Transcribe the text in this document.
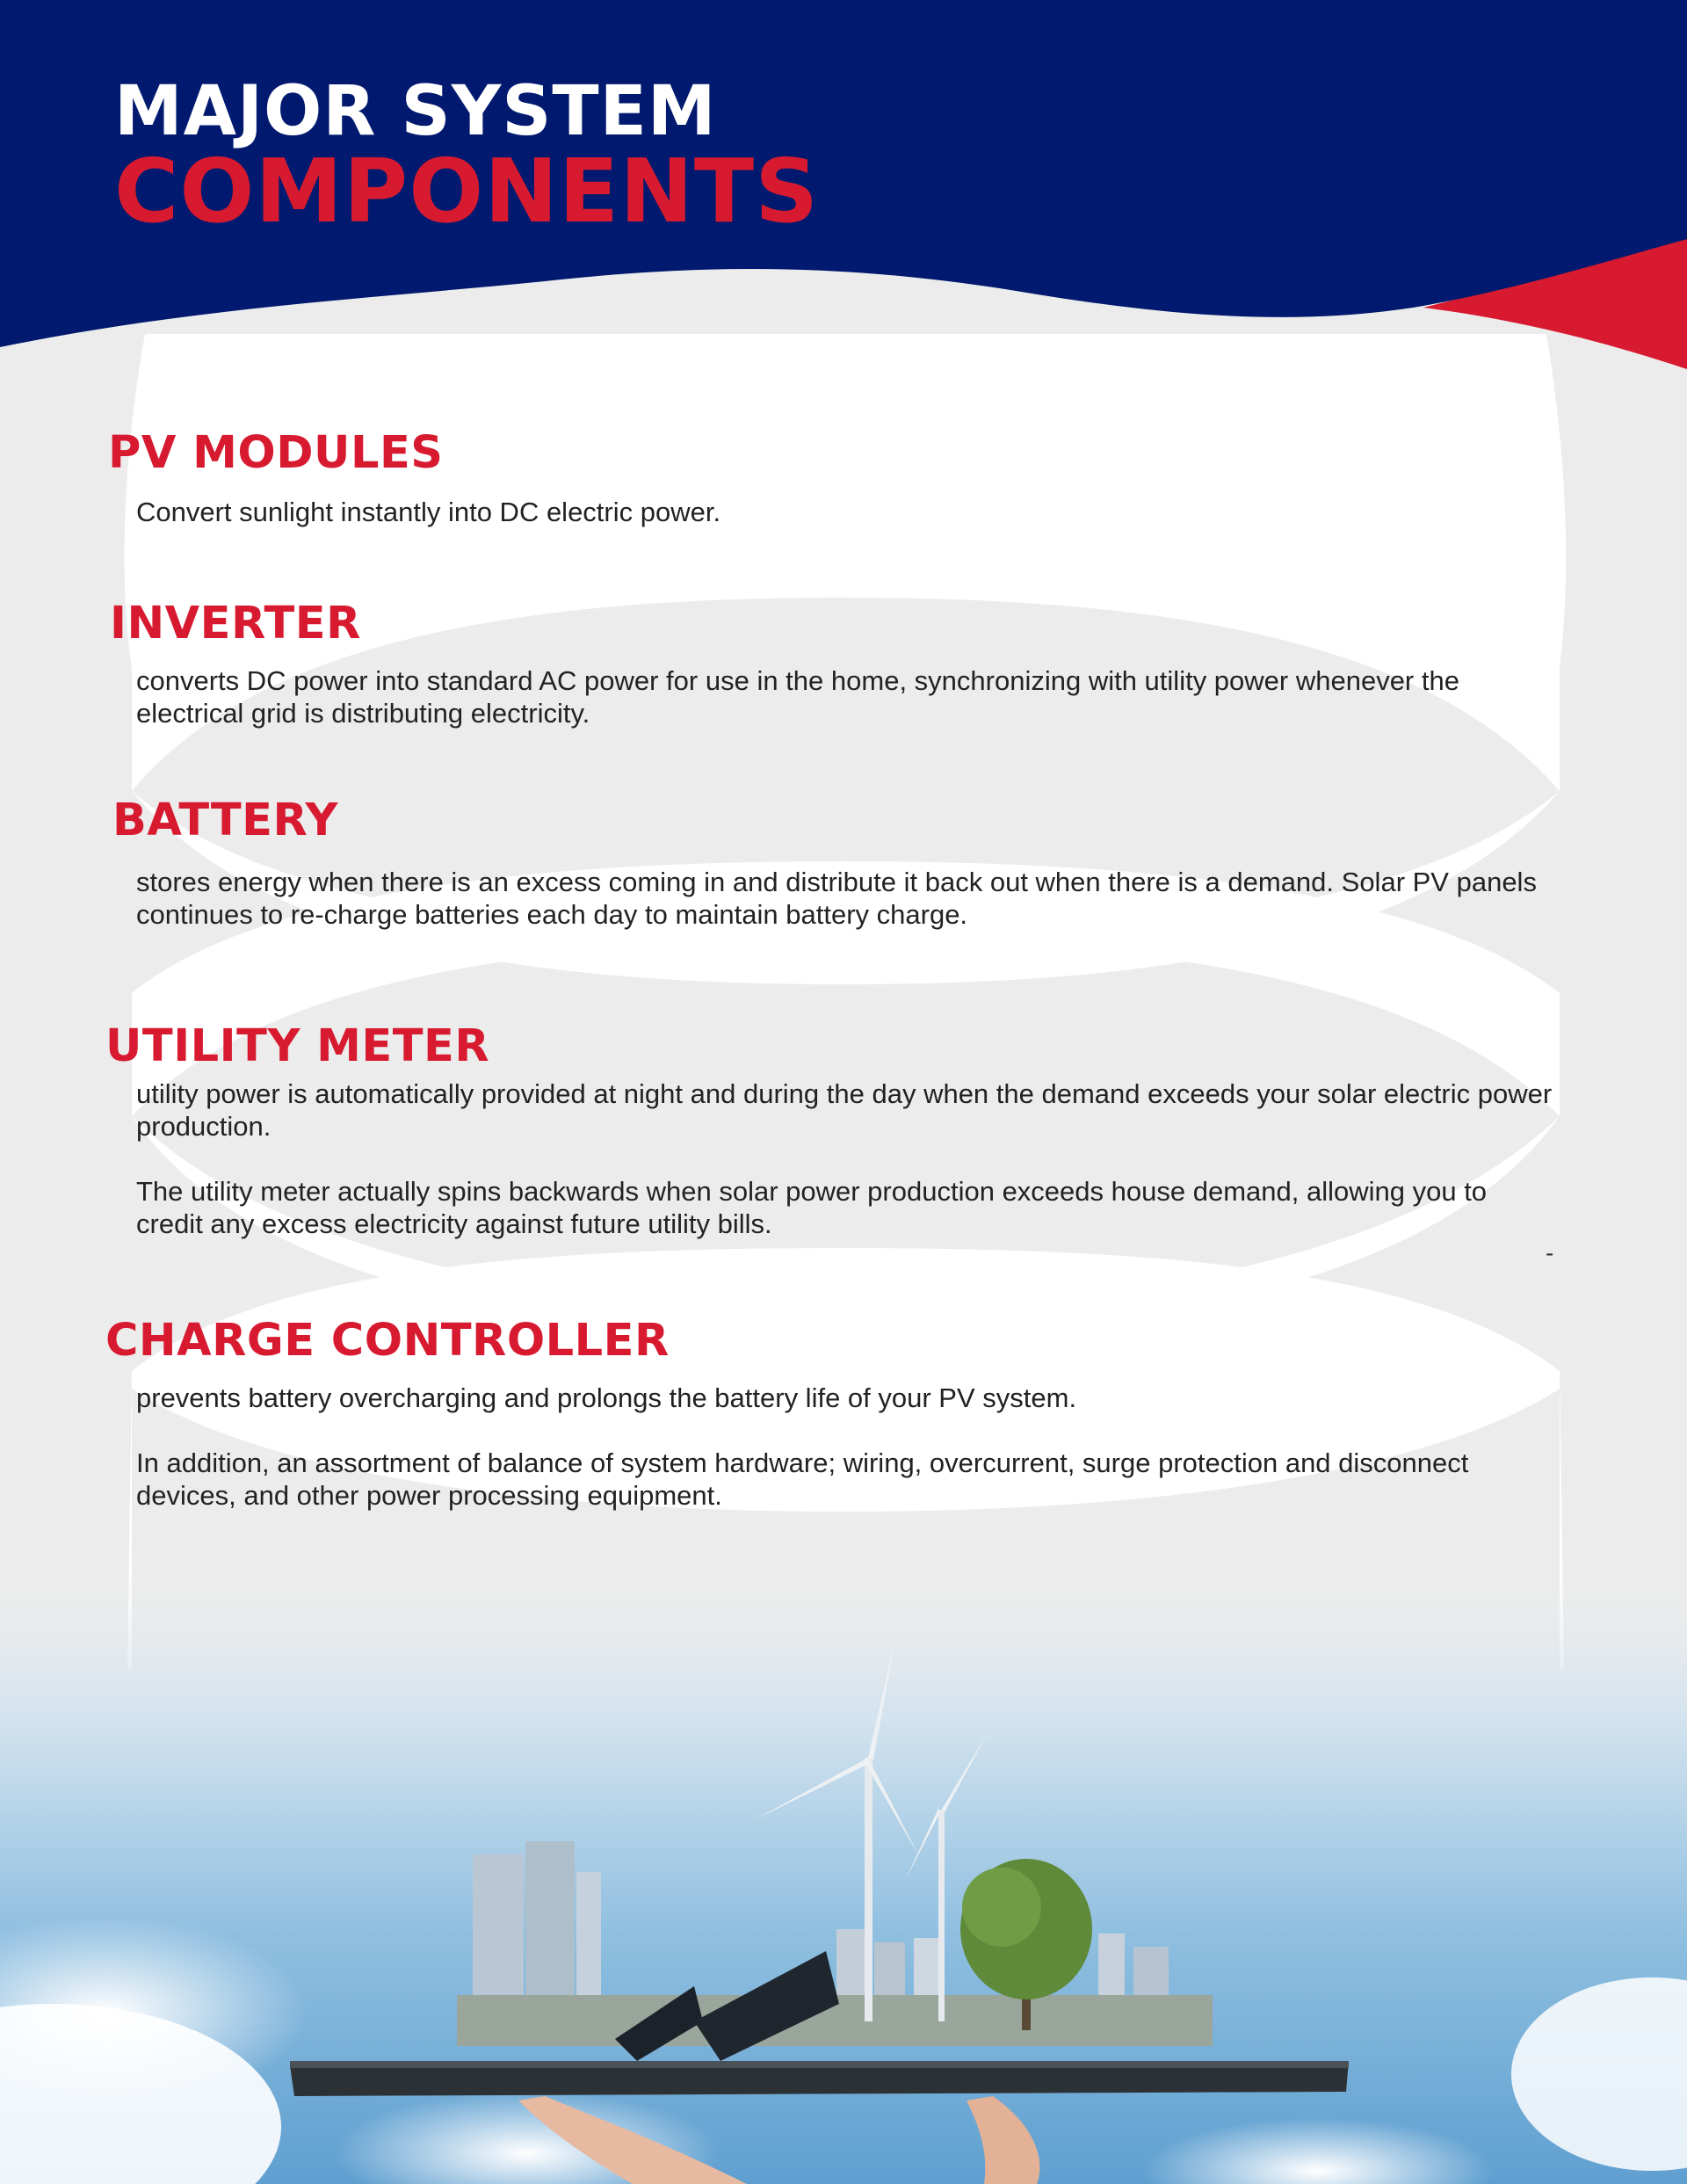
MAJOR SYSTEM
COMPONENTS
PV MODULES

Convert sunlight instantly into DC electric power.

INVERTER

converts DC power into standard AC power for use in the home, synchronizing with utility power whenever the electrical grid is distributing electricity.

BATTERY

stores energy when there is an excess coming in and distribute it back out when there is a demand. Solar PV panels continues to re-charge batteries each day to maintain battery charge.

UTILITY METER

utility power is automatically provided at night and during the day when the demand exceeds your solar electric power production.

The utility meter actually spins backwards when solar power production exceeds house demand, allowing you to credit any excess electricity against future utility bills.

-
CHARGE CONTROLLER

prevents battery overcharging and prolongs the battery life of your PV system.

In addition, an assortment of balance of system hardware; wiring, overcurrent, surge protection and disconnect devices, and other power processing equipment.
